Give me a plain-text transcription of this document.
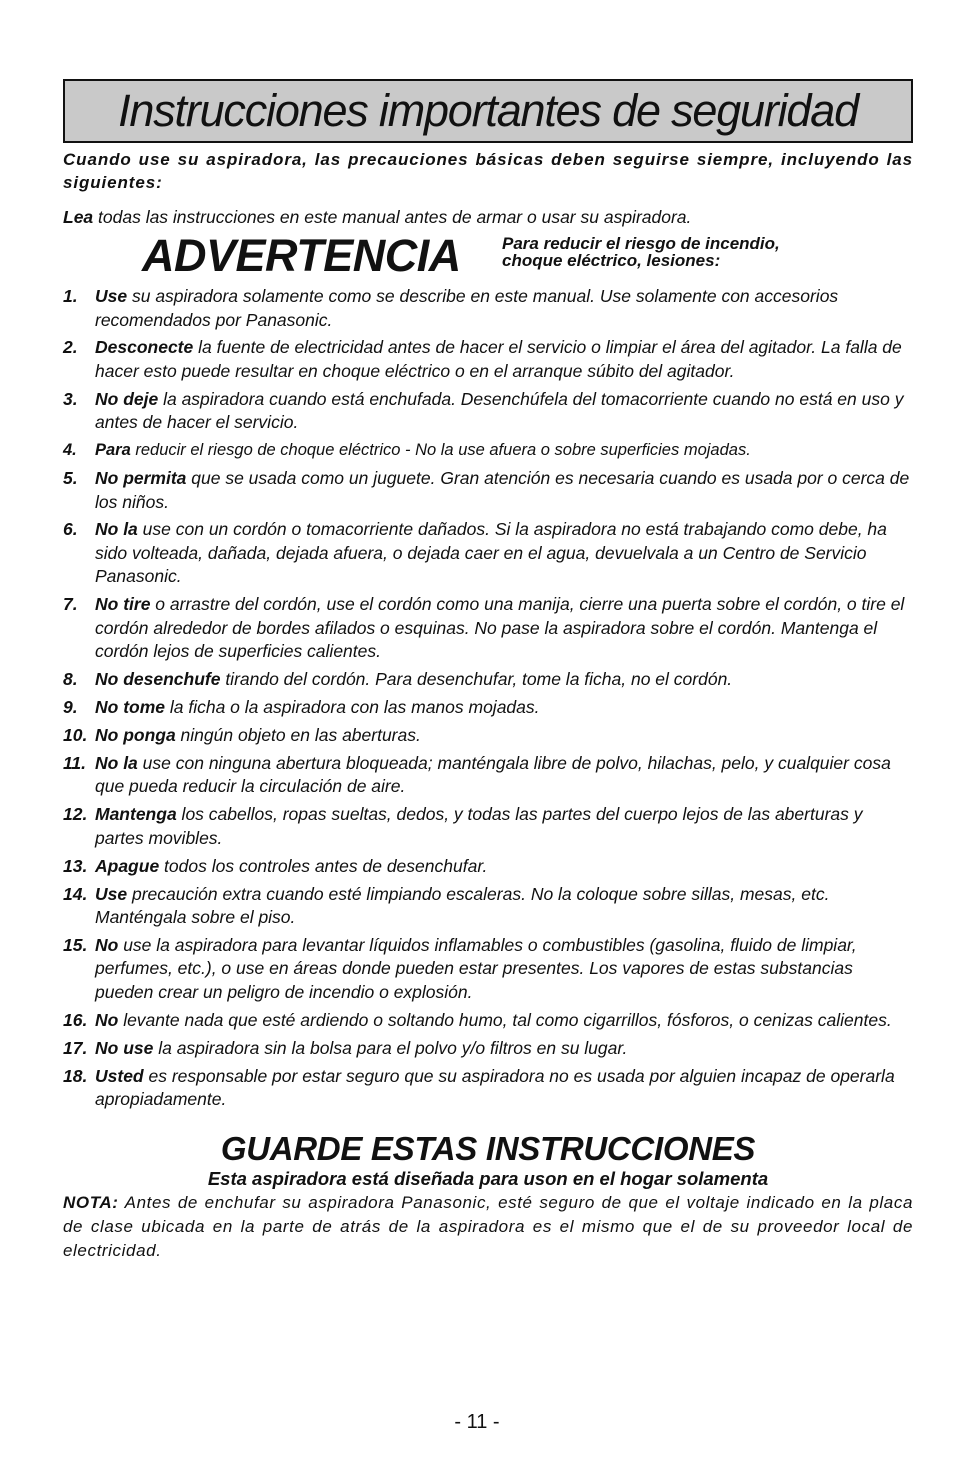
Instrucciones importantes de seguridad
Cuando use su aspiradora, las precauciones básicas deben seguirse siempre, incluyendo las siguientes:
Lea todas las instrucciones en este manual antes de armar o usar su aspiradora.
ADVERTENCIA Para reducir el riesgo de incendio,
choque eléctrico, lesiones:
1. Use su aspiradora solamente como se describe en este manual. Use solamente con accesorios recomendados por Panasonic.
2. Desconecte la fuente de electricidad antes de hacer el servicio o limpiar el área del agitador. La falla de hacer esto puede resultar en choque eléctrico o en el arranque súbito del agitador.
3. No deje la aspiradora cuando está enchufada. Desenchúfela del tomacorriente cuando no está en uso y antes de hacer el servicio.
4. Para reducir el riesgo de choque eléctrico - No la use afuera o sobre superficies mojadas.
5. No permita que se usada como un juguete. Gran atención es necesaria cuando es usada por o cerca de los niños.
6. No la use con un cordón o tomacorriente dañados. Si la aspiradora no está trabajando como debe, ha sido volteada, dañada, dejada afuera, o dejada caer en el agua, devuelvala a un Centro de Servicio Panasonic.
7. No tire o arrastre del cordón, use el cordón como una manija, cierre una puerta sobre el cordón, o tire el cordón alrededor de bordes afilados o esquinas. No pase la aspiradora sobre el cordón. Mantenga el cordón lejos de superficies calientes.
8. No desenchufe tirando del cordón. Para desenchufar, tome la ficha, no el cordón.
9. No tome la ficha o la aspiradora con las manos mojadas.
10. No ponga ningún objeto en las aberturas.
11. No la use con ninguna abertura bloqueada; manténgala libre de polvo, hilachas, pelo, y cualquier cosa que pueda reducir la circulación de aire.
12. Mantenga los cabellos, ropas sueltas, dedos, y todas las partes del cuerpo lejos de las aberturas y partes movibles.
13. Apague todos los controles antes de desenchufar.
14. Use precaución extra cuando esté limpiando escaleras. No la coloque sobre sillas, mesas, etc. Manténgala sobre el piso.
15. No use la aspiradora para levantar líquidos inflamables o combustibles (gasolina, fluido de limpiar, perfumes, etc.), o use en áreas donde pueden estar presentes. Los vapores de estas substancias pueden crear un peligro de incendio o explosión.
16. No levante nada que esté ardiendo o soltando humo, tal como cigarrillos, fósforos, o cenizas calientes.
17. No use la aspiradora sin la bolsa para el polvo y/o filtros en su lugar.
18. Usted es responsable por estar seguro que su aspiradora no es usada por alguien incapaz de operarla apropiadamente.
GUARDE ESTAS INSTRUCCIONES
Esta aspiradora está diseñada para uson en el hogar solamenta
NOTA: Antes de enchufar su aspiradora Panasonic, esté seguro de que el voltaje indicado en la placa de clase ubicada en la parte de atrás de la aspiradora es el mismo que el de su proveedor local de electricidad.
- 11 -
